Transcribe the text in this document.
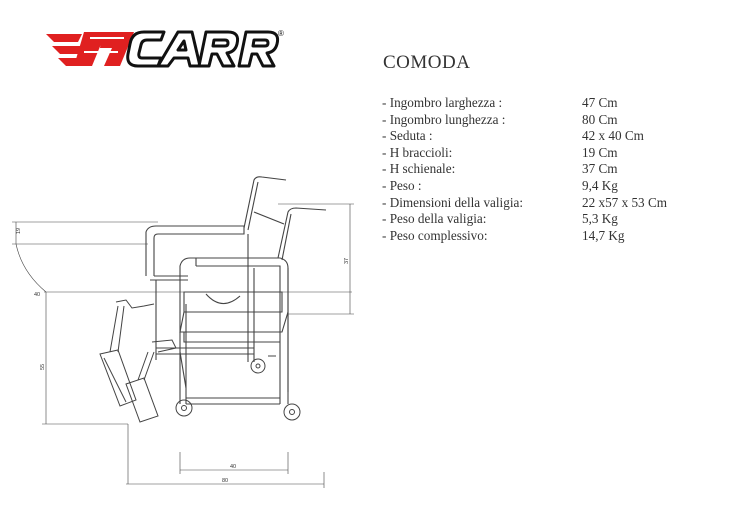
®
COMODA
- Ingombro larghezza :	47 Cm
- Ingombro lunghezza :	80 Cm
- Seduta :	42 x 40 Cm
- H braccioli:	19 Cm
- H schienale:	37 Cm
- Peso :	9,4 Kg
- Dimensioni della valigia:	22 x57 x 53 Cm
- Peso della valigia:	5,3 Kg
- Peso complessivo:	14,7 Kg
19
37
55
40
40
80
